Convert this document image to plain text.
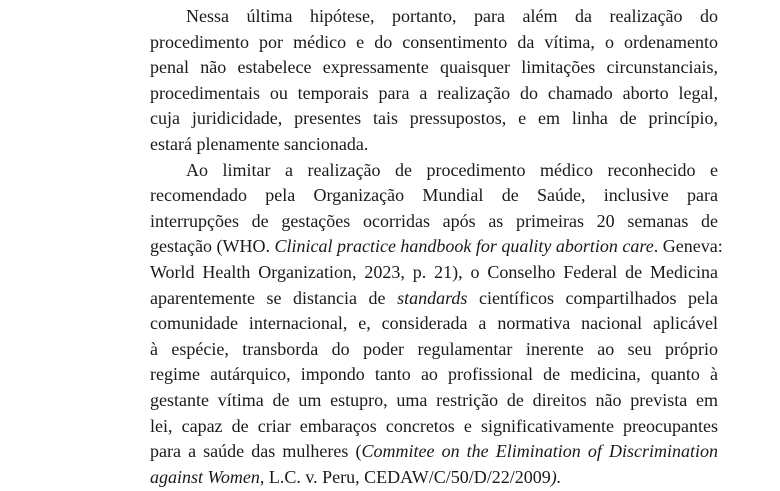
Nessa última hipótese, portanto, para além da realização do
procedimento por médico e do consentimento da vítima, o ordenamento
penal não estabelece expressamente quaisquer limitações circunstanciais,
procedimentais ou temporais para a realização do chamado aborto legal,
cuja juridicidade, presentes tais pressupostos, e em linha de princípio,
estará plenamente sancionada.
Ao limitar a realização de procedimento médico reconhecido e
recomendado pela Organização Mundial de Saúde, inclusive para
interrupções de gestações ocorridas após as primeiras 20 semanas de
gestação (WHO. Clinical practice handbook for quality abortion care. Geneva:
World Health Organization, 2023, p. 21), o Conselho Federal de Medicina
aparentemente se distancia de standards científicos compartilhados pela
comunidade internacional, e, considerada a normativa nacional aplicável
à espécie, transborda do poder regulamentar inerente ao seu próprio
regime autárquico, impondo tanto ao profissional de medicina, quanto à
gestante vítima de um estupro, uma restrição de direitos não prevista em
lei, capaz de criar embaraços concretos e significativamente preocupantes
para a saúde das mulheres (Commitee on the Elimination of Discrimination
against Women, L.C. v. Peru, CEDAW/C/50/D/22/2009).
